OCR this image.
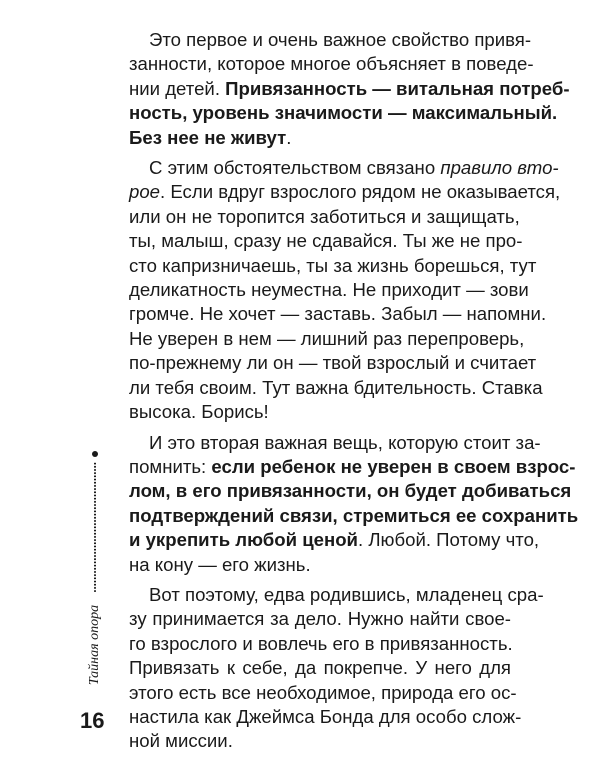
Это первое и очень важное свойство привя-
занности, которое многое объясняет в поведе-
нии детей. Привязанность — витальная потреб-
ность, уровень значимости — максимальный.
Без нее не живут.

С этим обстоятельством связано правило вто-
рое. Если вдруг взрослого рядом не оказывается,
или он не торопится заботиться и защищать,
ты, малыш, сразу не сдавайся. Ты же не про-
сто капризничаешь, ты за жизнь борешься, тут
деликатность неуместна. Не приходит — зови
громче. Не хочет — заставь. Забыл — напомни.
Не уверен в нем — лишний раз перепроверь,
по-прежнему ли он — твой взрослый и считает
ли тебя своим. Тут важна бдительность. Ставка
высока. Борись!

И это вторая важная вещь, которую стоит за-
помнить: если ребенок не уверен в своем взрос-
лом, в его привязанности, он будет добиваться
подтверждений связи, стремиться ее сохранить
и укрепить любой ценой. Любой. Потому что,
на кону — его жизнь.

Вот поэтому, едва родившись, младенец сра-
зу принимается за дело. Нужно найти свое-
го взрослого и вовлечь его в привязанность.
Привязать к себе, да покрепче. У него для
этого есть все необходимое, природа его ос-
настила как Джеймса Бонда для особо слож-
ной миссии.

Тайная опора
16
